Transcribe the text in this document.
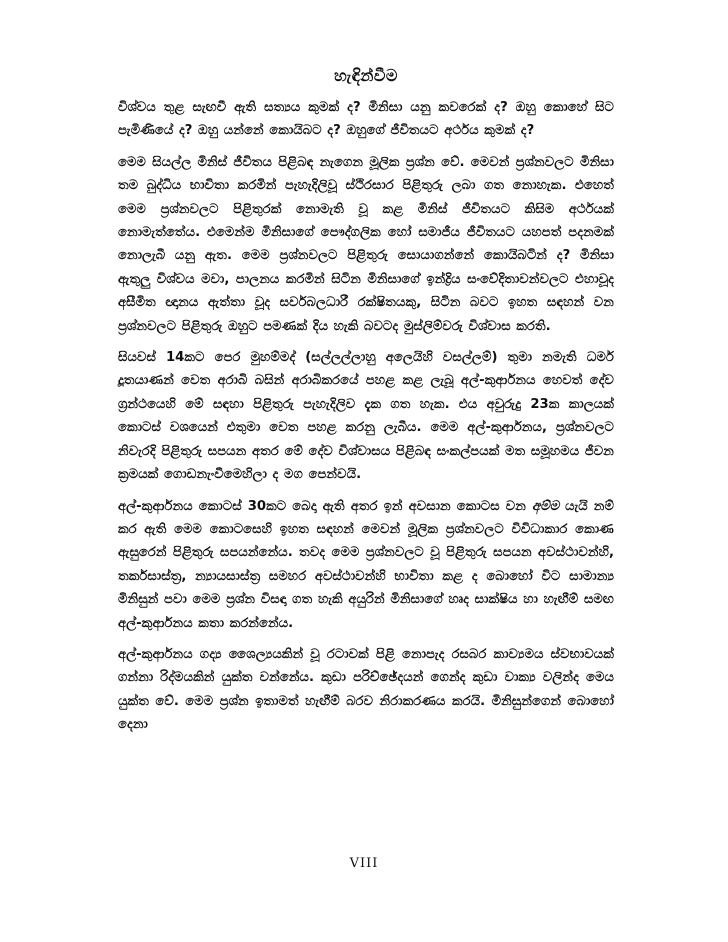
හැඳින්වීම

විශ්වය තුළ සැඟවී ඇති සත්‍යය කුමක් ද? මිනිසා යනු කවරෙක් ද? ඔහු කොහේ සිට පැමිණියේ ද? ඔහු යන්නේ කොයිබට ද? ඔහුගේ ජීවිතයට අර්ථය කුමක් ද?

මෙම සියල්ල මිනිස් ජීවිතය පිළිබඳ නැගෙන මූලික ප්‍රශ්න වේ. මෙවන් ප්‍රශ්නවලට මිනිසා තම බුද්ධිය භාවිතා කරමින් පැහැදිලිවූ ස්ථිරසාර පිළිතුරු ලබා ගත නොහැක. එහෙත් මෙම ප්‍රශ්නවලට පිළිතුරක් නොමැති වූ කළ මිනිස් ජීවිතයට කිසිම අර්ථයක් නොමැත්තේය. එමෙන්ම මිනිසාගේ පෞද්ගලික හෝ සමාජීය ජීවිතයට යහපත් පදනමක් නොලැබී යනු ඇත. මෙම ප්‍රශ්නවලට පිළිතුරු සොයාගන්නේ කොයිබටින් ද? මිනිසා ඇතුලු විශ්වය මවා, පාලනය කරමින් සිටින මිනිසාගේ ඉන්ද්‍රිය සංවේදිතාවන්වලට එහාවූද අසීමිත ඥානය ඇත්තා වූද සර්වබලධාරී රක්ෂිතයකු, සිටින බවට ඉහත සඳහන් වන ප්‍රශ්නවලට පිළිතුරු ඔහුට පමණක් දිය හැකි බවටද මුස්ලිම්වරු විශ්වාස කරති.

සියවස් 14කට පෙර මුහම්මද් (සල්ලල්ලාහු අලෙයිහි වසල්ලම්) තුමා නමැති ධර්ම දූතයාණන් වෙත අරාබි බසින් අරාබිකරයේ පහළ කළ ලැබූ අල්-කුර්ආනය හෙවත් දේව ග්‍රන්ථයෙහි මේ සඳහා පිළිතුරු පැහැදිලිව දැක ගත හැක. එය අවුරුදු 23ක කාලයක් කොටස් වශයෙන් එතුමා වෙත පහළ කරනු ලැබීය. මෙම අල්-කුර්ආනය, ප්‍රශ්නවලට නිවැරදි පිළිතුරු සපයන අතර මේ දේව විශ්වාසය පිළිබඳ සංකල්පයක් මත සමූහමය ජීවන ක්‍රමයක් ගොඩනැංවීමෙහිලා ද මග පෙන්වයි.

අල්-කුර්ආනය කොටස් 30කට බෙදා ඇති අතර ඉන් අවසාන කොටස වන අම්ම යැයි නම් කර ඇති මෙම කොටසෙහි ඉහත සඳහන් මෙවන් මූලික ප්‍රශ්නවලට විවිධාකාර කොණ ඇසුරෙන් පිළිතුරු සපයන්නේය. තවද මෙම ප්‍රශ්නවලට වූ පිළිතුරු සපයන අවස්ථාවන්හි, තර්කසාස්ත්‍ර, න්‍යායසාස්ත්‍ර සමහර අවස්ථාවන්හි භාවිතා කළ ද බොහෝ විට සාමාන්‍ය මිනිසුන් පවා මෙම ප්‍රශ්න විසඳා ගත හැකි අයුරින් මිනිසාගේ හෘද සාක්ෂිය හා හැඟීම් සමඟ අල්-කුර්ආනය කතා කරන්නේය.

අල්-කුර්ආනය ගද්‍ය ශෛල්‍යයකින් වූ රටාවක් පිළි නොපැද රසබර කාව්‍යමය ස්වභාවයක් ගන්නා රිද්මයකින් යුක්ත වන්නේය. කුඩා පරිච්ඡේදයන් ගෙන්ද කුඩා වාක්‍ය වලින්ද මෙය යුක්ත වේ. මෙම ප්‍රශ්න ඉතාමත් හැඟීම් බරව නිරාකරණය කරයි. මිනිසුන්ගෙන් බොහෝ දෙනා

VIII
